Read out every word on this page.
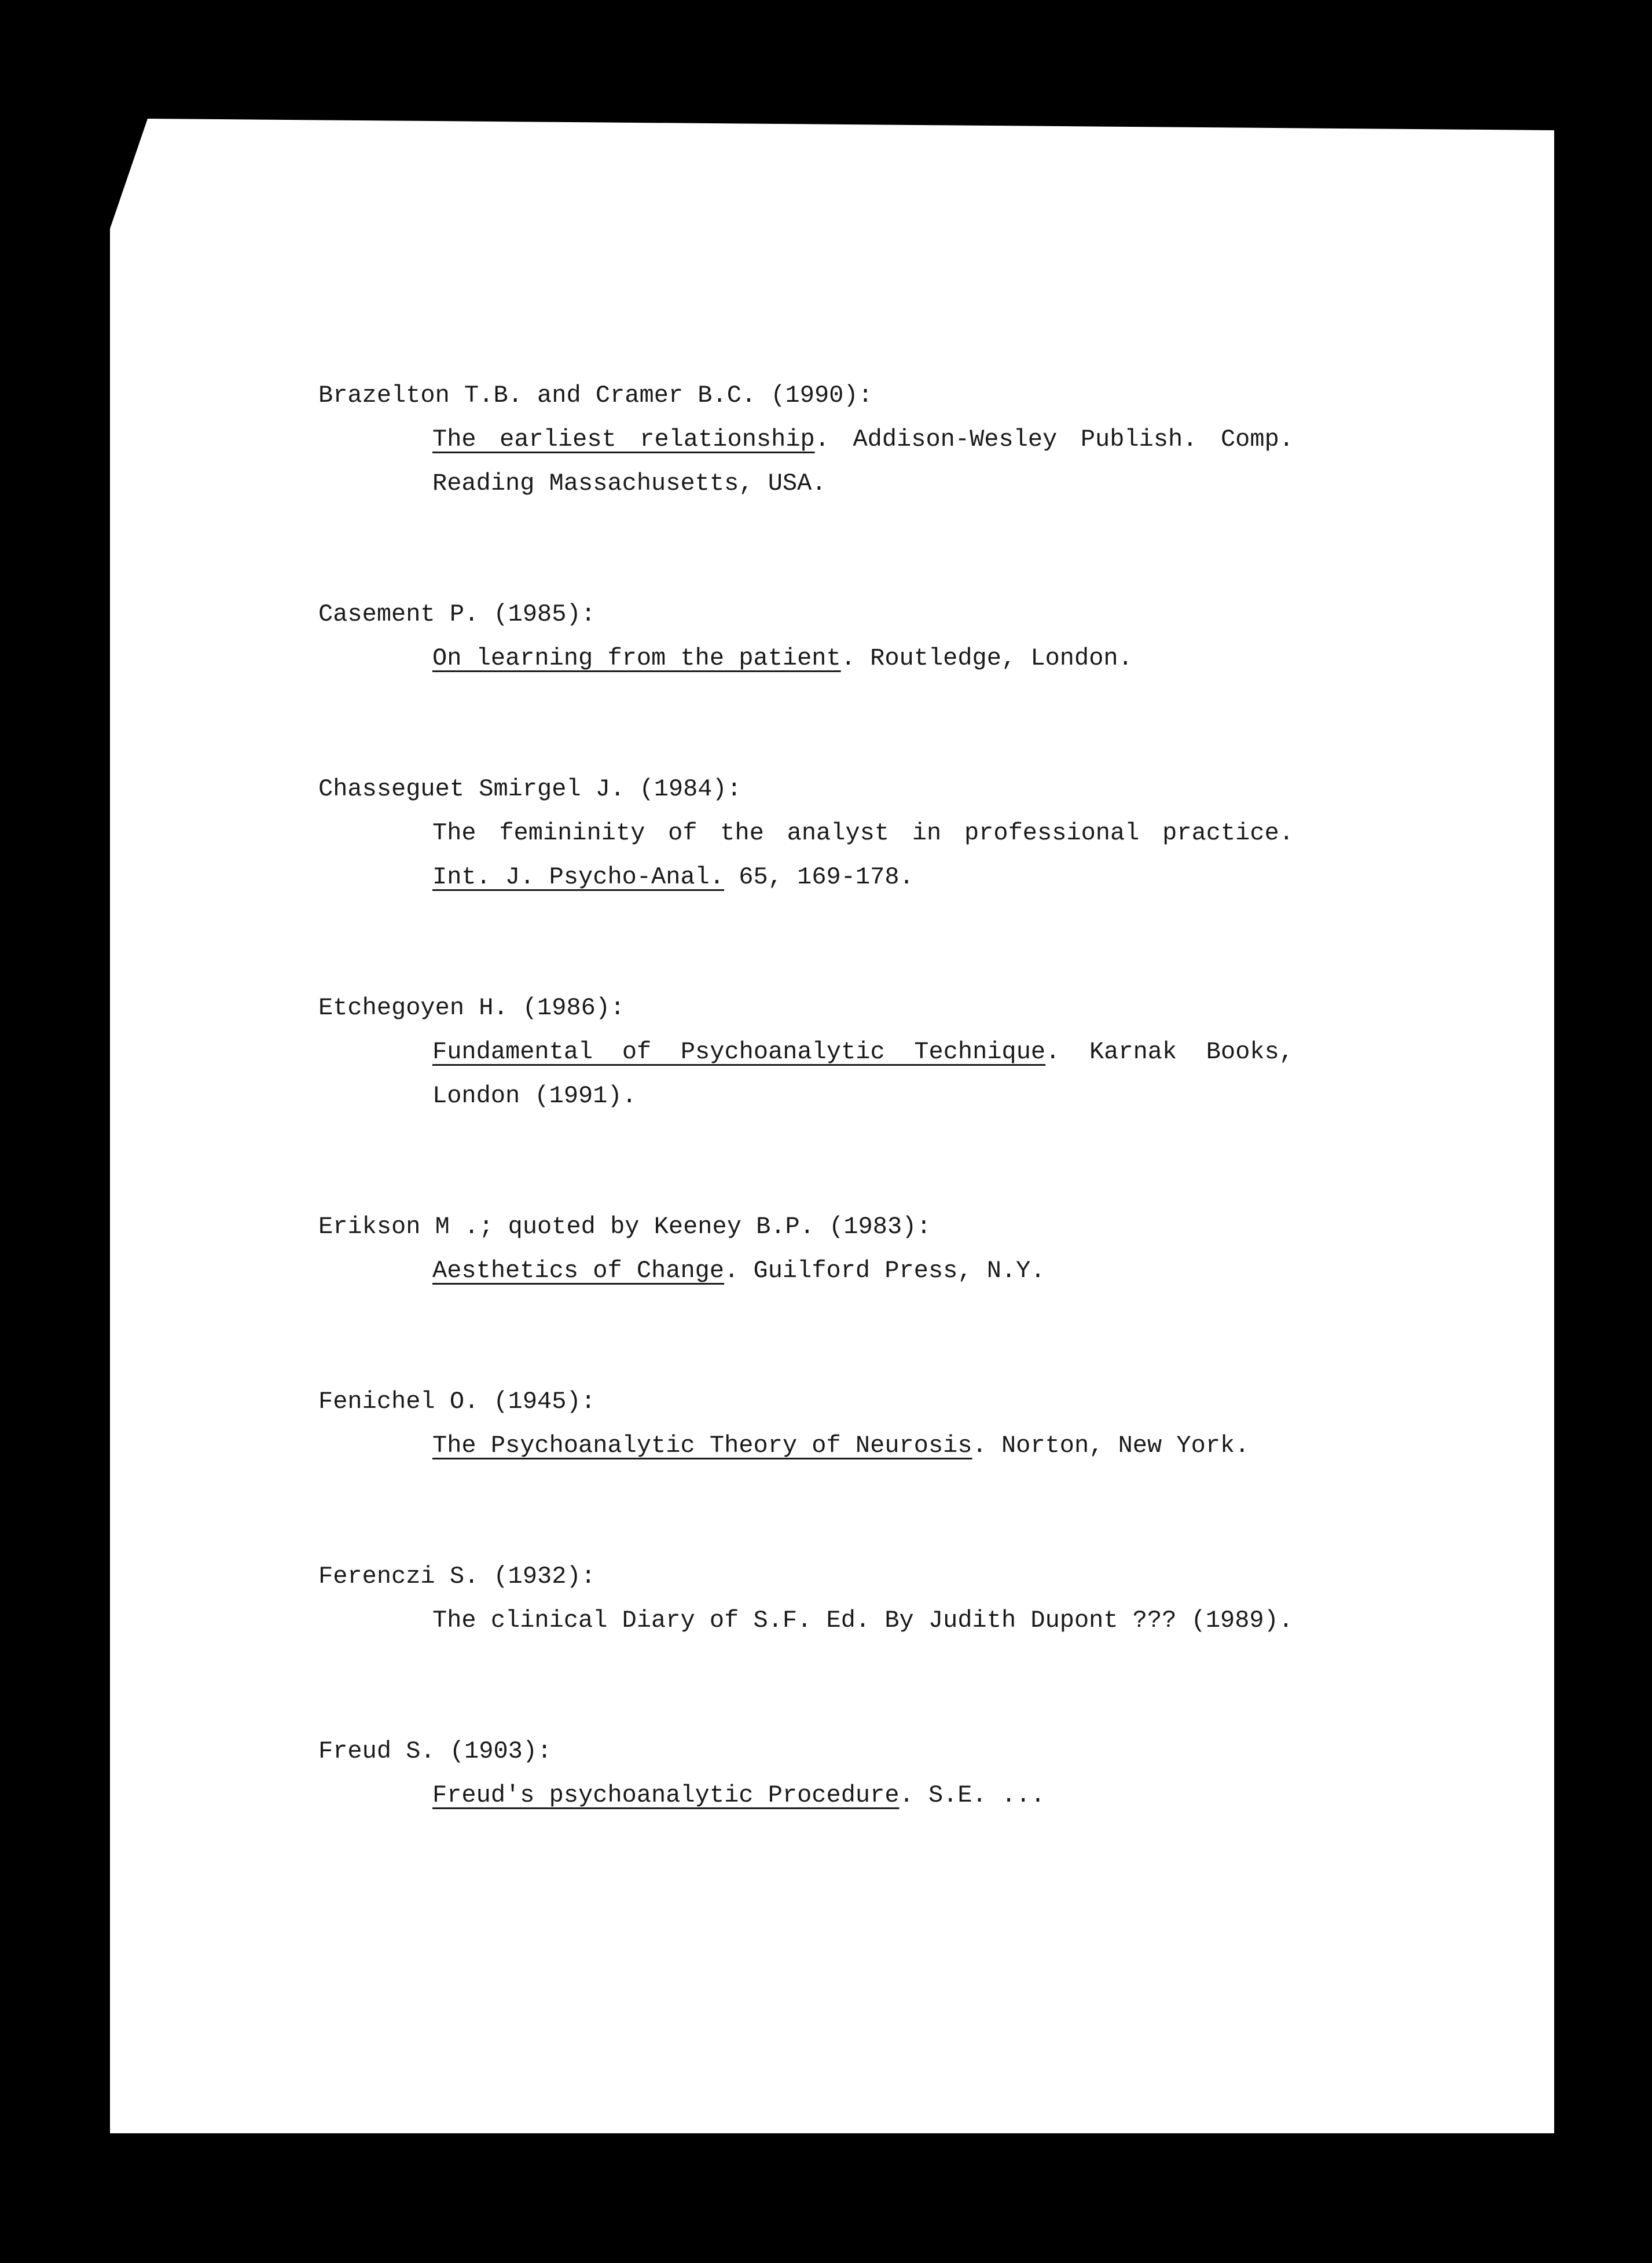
Brazelton T.B. and Cramer B.C. (1990):

The earliest relationship. Addison-Wesley Publish. Comp. Reading Massachusetts, USA.

Casement P. (1985):

On learning from the patient. Routledge, London.

Chasseguet Smirgel J. (1984):

The femininity of the analyst in professional practice. Int. J. Psycho-Anal. 65, 169-178.

Etchegoyen H. (1986):

Fundamental of Psychoanalytic Technique. Karnak Books, London (1991).

Erikson M .; quoted by Keeney B.P. (1983):

Aesthetics of Change. Guilford Press, N.Y.

Fenichel O. (1945):

The Psychoanalytic Theory of Neurosis. Norton, New York.

Ferenczi S. (1932):

The clinical Diary of S.F. Ed. By Judith Dupont ??? (1989).

Freud S. (1903):

Freud's psychoanalytic Procedure. S.E. ...
